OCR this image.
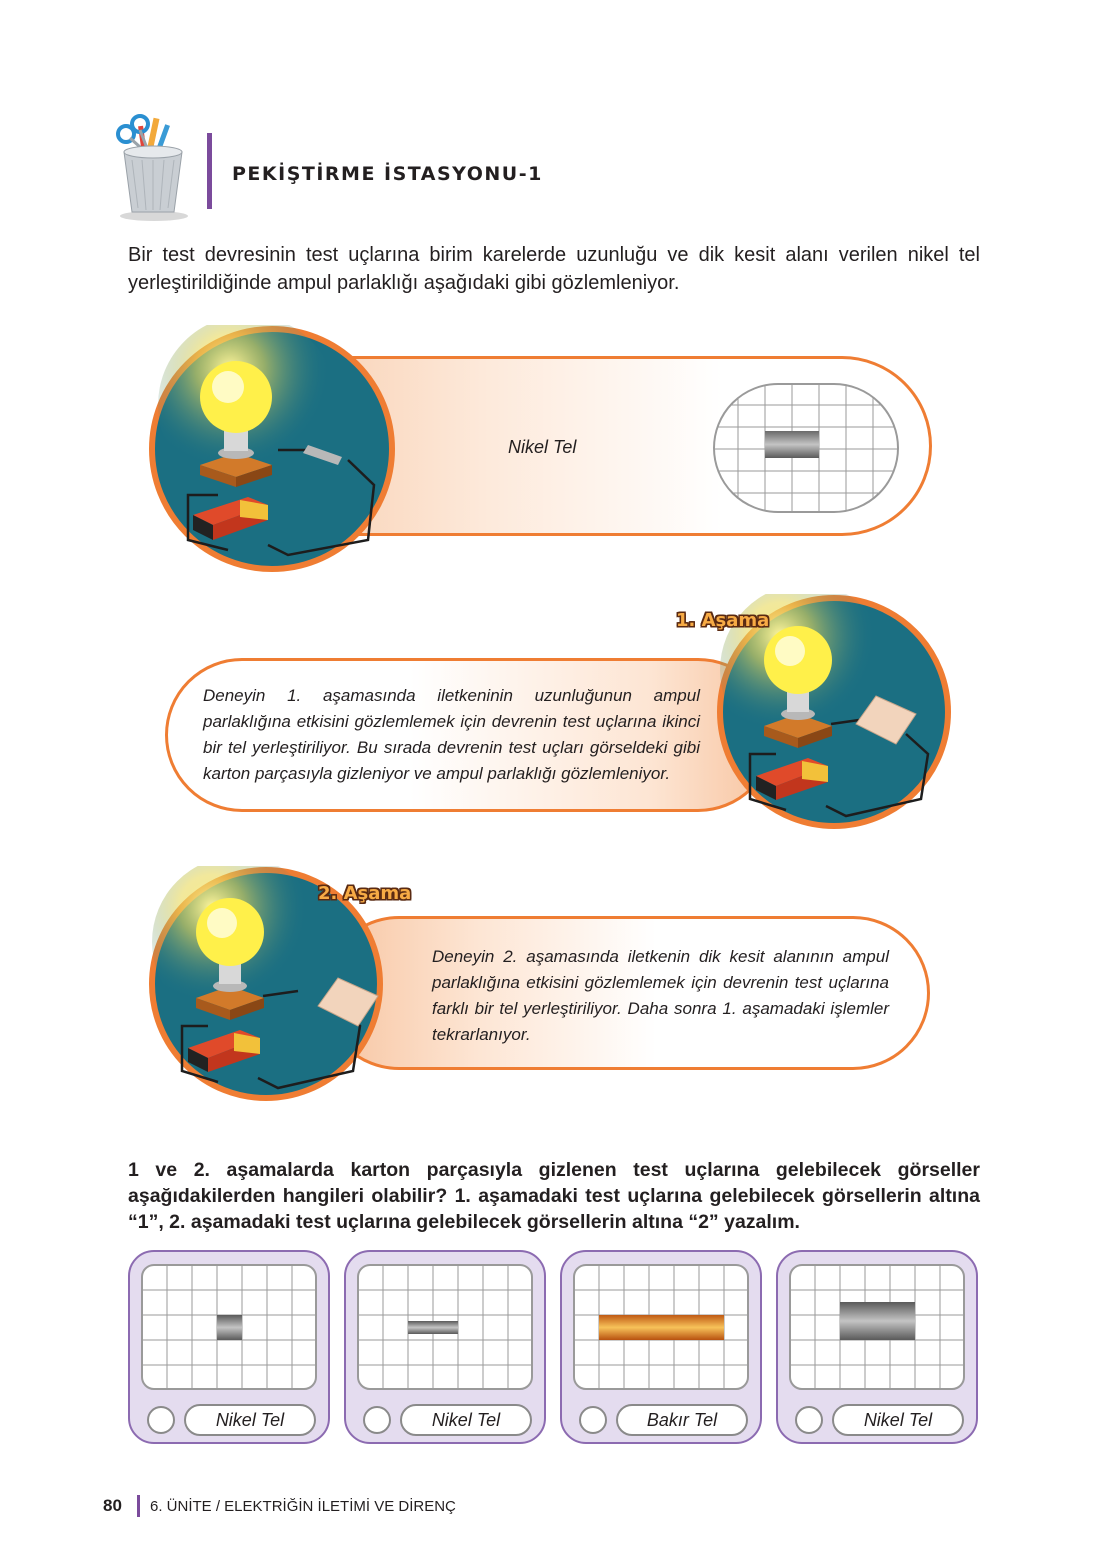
PEKİŞTİRME İSTASYONU-1

Bir test devresinin test uçlarına birim karelerde uzunluğu ve dik kesit alanı verilen nikel tel yerleştirildiğinde ampul parlaklığı aşağıdaki gibi gözlemleniyor.

Nikel Tel

Deneyin 1. aşamasında iletkeninin uzunluğunun ampul parlaklığına etkisini gözlemlemek için devrenin test uçlarına ikinci bir tel yerleştiriliyor. Bu sırada devrenin test uçları görseldeki gibi karton parçasıyla gizleniyor ve ampul parlaklığı gözlemleniyor.

1. Aşama
2. Aşama

Deneyin 2. aşamasında iletkenin dik kesit alanının ampul parlaklığına etkisini gözlemlemek için devrenin test uçlarına farklı bir tel yerleştiriliyor. Daha sonra 1. aşamadaki işlemler tekrarlanıyor.

1 ve 2. aşamalarda karton parçasıyla gizlenen test uçlarına gelebilecek görseller aşağıdakilerden hangileri olabilir? 1. aşamadaki test uçlarına gelebilecek görsellerin altına “1”, 2. aşamadaki test uçlarına gelebilecek görsellerin altına “2” yazalım.

Nikel Tel	Nikel Tel	Bakır Tel	Nikel Tel
80 6. ÜNİTE / ELEKTRİĞİN İLETİMİ VE DİRENÇ
